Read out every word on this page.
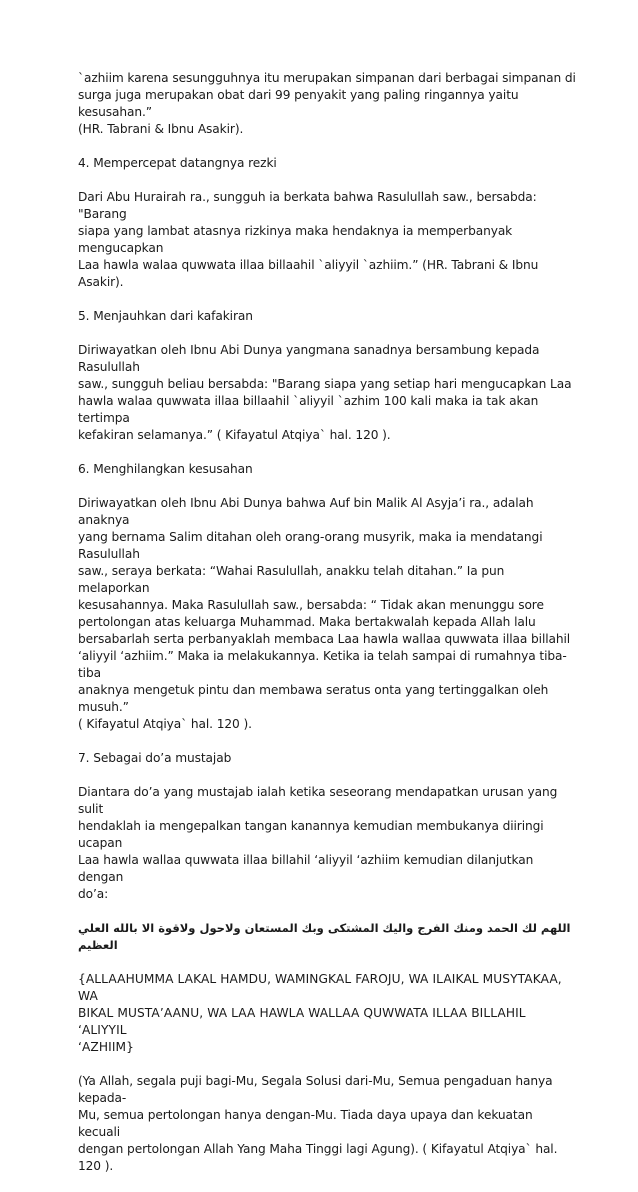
`azhiim karena sesungguhnya itu merupakan simpanan dari berbagai simpanan di
surga juga merupakan obat dari 99 penyakit yang paling ringannya yaitu kesusahan.”
(HR. Tabrani & Ibnu Asakir).

4. Mempercepat datangnya rezki

Dari Abu Hurairah ra., sungguh ia berkata bahwa Rasulullah saw., bersabda: "Barang
siapa yang lambat atasnya rizkinya maka hendaknya ia memperbanyak mengucapkan
Laa hawla walaa quwwata illaa billaahil `aliyyil `azhiim.” (HR. Tabrani & Ibnu
Asakir).

5. Menjauhkan dari kafakiran

Diriwayatkan oleh Ibnu Abi Dunya yangmana sanadnya bersambung kepada Rasulullah
saw., sungguh beliau bersabda: "Barang siapa yang setiap hari mengucapkan Laa
hawla walaa quwwata illaa billaahil `aliyyil `azhim 100 kali maka ia tak akan tertimpa
kefakiran selamanya.” ( Kifayatul Atqiya` hal. 120 ).

6. Menghilangkan kesusahan

Diriwayatkan oleh Ibnu Abi Dunya bahwa Auf bin Malik Al Asyja’i ra., adalah anaknya
yang bernama Salim ditahan oleh orang-orang musyrik, maka ia mendatangi Rasulullah
saw., seraya berkata: “Wahai Rasulullah, anakku telah ditahan.” Ia pun melaporkan
kesusahannya. Maka Rasulullah saw., bersabda: “ Tidak akan menunggu sore
pertolongan atas keluarga Muhammad. Maka bertakwalah kepada Allah lalu
bersabarlah serta perbanyaklah membaca Laa hawla wallaa quwwata illaa billahil
‘aliyyil ‘azhiim.” Maka ia melakukannya. Ketika ia telah sampai di rumahnya tiba-tiba
anaknya mengetuk pintu dan membawa seratus onta yang tertinggalkan oleh musuh.”
( Kifayatul Atqiya` hal. 120 ).

7. Sebagai do’a mustajab

Diantara do’a yang mustajab ialah ketika seseorang mendapatkan urusan yang sulit
hendaklah ia mengepalkan tangan kanannya kemudian membukanya diiringi ucapan
Laa hawla wallaa quwwata illaa billahil ‘aliyyil ‘azhiim kemudian dilanjutkan dengan
do’a:

اللهم لك الحمد ومنك الفرج واليك المشتكى وبك المستعان ولاحول ولاقوة الا بالله العلي العظيم

{ALLAAHUMMA LAKAL HAMDU, WAMINGKAL FAROJU, WA ILAIKAL MUSYTAKAA, WA
BIKAL MUSTA’AANU, WA LAA HAWLA WALLAA QUWWATA ILLAA BILLAHIL ‘ALIYYIL
‘AZHIIM}

(Ya Allah, segala puji bagi-Mu, Segala Solusi dari-Mu, Semua pengaduan hanya kepada-
Mu, semua pertolongan hanya dengan-Mu. Tiada daya upaya dan kekuatan kecuali
dengan pertolongan Allah Yang Maha Tinggi lagi Agung). ( Kifayatul Atqiya` hal. 120 ).
